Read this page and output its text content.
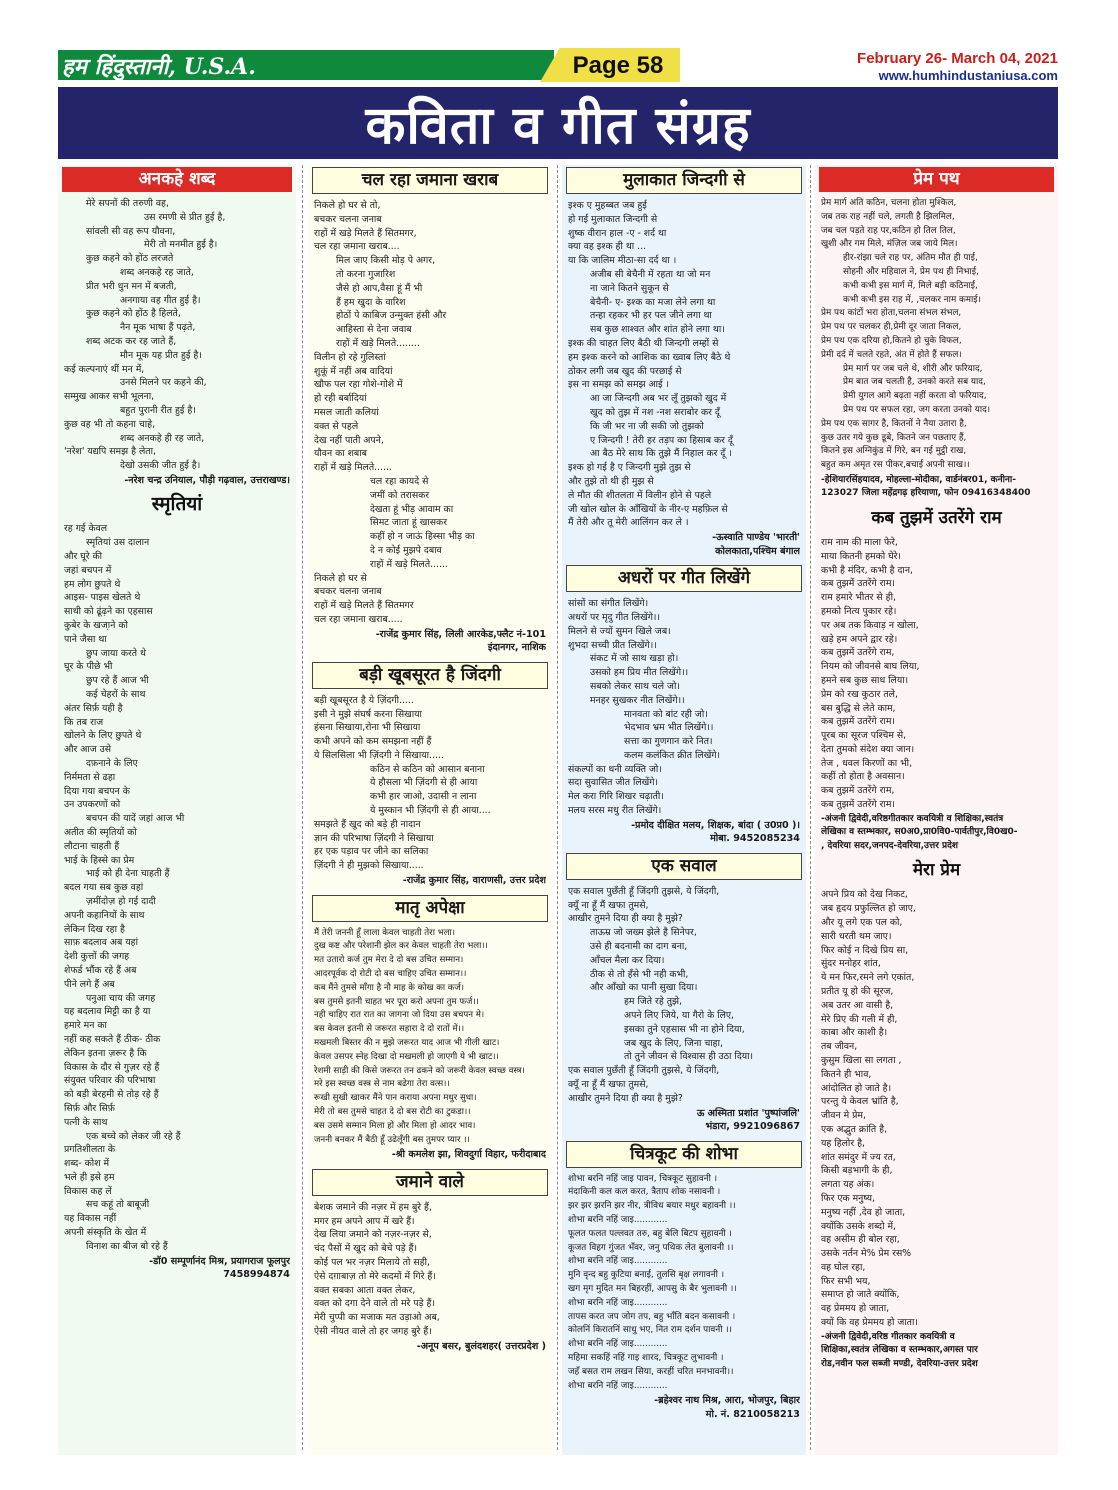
हम हिंदुस्तानी, U.S.A.	Page 58	February 26- March 04, 2021
www.humhindustaniusa.com
कविता व गीत संग्रह
अनकहे शब्द
मेरे सपनों की तरुणी वह,
उस रमणी से प्रीत हुई है,
सांवली सी वह रूप यौवना,
मेरी तो मनमीत हुई है।
कुछ कहने को होंठ लरजते
शब्द अनकहे रह जाते,
प्रीत भरी धुन मन में बजती,
अनगाया वह गीत हुई है।
कुछ कहने को होंठ है हिलते,
नैन मूक भाषा हैं पढ़ते,
शब्द अटक कर रह जाते हैं,
मौन मूक यह प्रीत हुई है।
कई कल्पनाएं थीं मन में,
उनसे मिलने पर कहने की,
सम्मुख आकर सभी भूलना,
बहुत पुरानी रीत हुई है।
कुछ वह भी तो कहना चाहे,
शब्द अनकहे ही रह जाते,
'नरेश' यद्यपि समझ है लेता,
देखो उसकी जीत हुई है।
-नरेश चन्द्र उनियाल, पौड़ी गढ़वाल, उत्तराखण्ड।
स्मृतियां
रह गई केवल
स्मृतियां उस दालान
और घूरे की
जहां बचपन में
हम लोग छुपते थे
आइस- पाइस खेलते थे
साथी को ढूंढ़ने का एहसास
कुबेर के खजा़ने को
पाने जैसा था
छुप जाया करते थे
घूर के पीछे भी
छुप रहे हैं आज भी
कई चेहरों के साथ
अंतर सिर्फ़ यही है
कि तब राज
खोलने के लिए छुपते थे
और आज उसे
दफ़नाने के लिए
निर्ममता से ढहा
दिया गया बचपन के
उन उपकरणों को
बचपन की यादें जहां आज भी
अतीत की स्मृतियों को
लौटाना चाहती हैं
भाई के हिस्से का प्रेम
भाई को ही देना चाहती हैं
बदल गया सब कुछ वहां
ज़मींदोज़ हो गई दादी
अपनी कहानियों के साथ
लेकिन दिख रहा है
साफ़ बदलाव अब यहां
देशी कुत्तों की जगह
शेफर्ड भौंक रहे हैं अब
पीने लगे हैं अब
पनुआ चाय की जगह
यह बदलाव मिट्टी का है या
हमारे मन का
नहीं कह सकते हैं ठीक- ठीक
लेकिन इतना ज़रूर है कि
विकास के दौर से गुज़र रहे हैं
संयुक्त परिवार की परिभाषा
को बड़ी बेरहमी से तोड़ रहे हैं
सिर्फ़ और सिर्फ़
पत्नी के साथ
एक बच्चे को लेकर जी रहे हैं
प्रगतिशीलता के
शब्द- कोश में
भले ही इसे हम
विकास कह लें
सच कहूं तो बाबूजी
यह विकास नहीं
अपनी संस्कृति के खेत में
विनाश का बीज बो रहे हैं
-डॉ0 सम्पूर्णानंद मिश्र, प्रयागराज फूलपुर
7458994874
चल रहा जमाना खराब
निकले हो घर से तो,
बचकर चलना जनाब
राहों में खड़े मिलते हैं सितमगर,
चल रहा जमाना खराब....
मिल जाए किसी मोड़ पे अगर,
तो करना गुजारिश
जैसे हो आप,वैसा हूं मैं भी
हैं हम खुदा के वारिश
होठों पे काबिज उन्मुक्त हंसी और
आहिस्ता से देना जवाब
राहों में खड़े मिलते........
विलीन हो रहे गुलिस्तां
शुकूं में नहीं अब वादियां
खौफ पल रहा गोशे-गोशे में
हो रही बर्बादियां
मसल जाती कलियां
वक्त से पहले
देख नहीं पाती अपने,
यौवन का शबाब
राहों में खड़े मिलते......
चल रहा कायदे से
जमीं को तरासकर
देखता हूं भीड़ आवाम का
सिमट जाता हूं खासकर
कहीं हो न जाऊं हिस्सा भीड़ का
दे न कोई मुझपे दबाव
राहों में खड़े मिलते......
निकले हो घर से
बचकर चलना जनाब
राहों में खड़े मिलते हैं सितमगर
चल रहा जमाना खराब.....
-राजेंद्र कुमार सिंह, लिली आरकेड,फ्लैट नं-101
इंदानगर, नाशिक
बड़ी खूबसूरत है जिंदगी
बड़ी खूबसूरत है ये ज़िंदगी.....
इसी ने मुझे संघर्ष करना सिखाया
हंसना सिखाया,रोना भी सिखाया
कभी अपने को कम समझना नहीं हैं
ये सिलसिला भी ज़िंदगी ने सिखाया.....
कठिन से कठिन को आसान बनाना
ये हौसला भी ज़िंदगी से ही आया
कभी हार जाओ, उदासी न लाना
ये मुस्कान भी ज़िंदगी से ही आया....
समझते हैं खुद को बड़े ही नादान
ज्ञान की परिभाषा ज़िंदगी ने सिखाया
हर एक पड़ाव पर जीने का सलिका
ज़िंदगी ने ही मुझको सिखाया.....
-राजेंद्र कुमार सिंह, वाराणसी, उत्तर प्रदेश
मातृ अपेक्षा
मैं तेरी जननी हूँ लाला केवल चाहती तेरा भला।
दुख कष्ट और परेशानी झेल कर केवल चाहती तेरा भला।।
मत उतारो कर्ज तुम मेरा दे दो बस उचित सम्मान।
आदरपूर्वक दो रोटी दो बस चाहिए उचित सम्मान।।
कब मैंने तुमसे माँगा है नौ माह के कोख का कर्ज।
बस तुमसे इतनी चाहत भर पूरा करो अपना तुम फर्ज।।
नही चाहिए रात रात का जागना जो दिया उस बचपन मे।
बस केवल इतनी से जरूरत सहारा दे दो रातों में।।
मखमली बिस्तर की न मुझे जरूरत याद आज भी गीली खाट।
केवल उसपर स्नेह दिखा दो मखमली हो जाएगी ये भी खाट।।
रेशमी साड़ी की किसे जरूरत तन ढकने को जरूरी केवल स्वच्छ वस्त्र।
मरे इस स्वच्छ वस्त्र से नाम बढेगा तेरा वत्स।।
रूखी सुखी खाकर मैंने पान कराया अपना मधुर सुधा।
मेरी तो बस तुमसे चाहत दे दो बस रोटी का टुकडा।।
बस उसमे सम्मान मिला हो और मिला हो आदर भाव।
जननी बनकर मैं बैठी हूँ उढेलूँगी बस तुमपर प्यार ।।
-श्री कमलेश झा, शिवदुर्गा विहार, फरीदाबाद
जमाने वाले
बेशक जमाने की नज़र में हम बुरे हैं,
मगर हम अपने आप में खरे हैं।
देख लिया जमाने को नज़र-नज़र से,
चंद पैसों में खुद को बेचे पड़े हैं।
कोई पल भर नज़र मिलाये तो सही,
ऐसे दग़ाबाज़ तो मेरे कदमों में गिरे हैं।
वक्त सबका आता वक्त लेकर,
वक्त को दगा देने वाले तो मरे पड़े हैं।
मेरी चुप्पी का मजाक मत उड़ाओ अब,
ऐसी नीयत वाले तो हर जगह बुरे हैं।
-अनूप बसर, बुलंदशहर( उत्तरप्रदेश )
मुलाकात जिन्दगी से
इश्क ए मुहब्बत जब हुई
हो गई मुलाकात जिन्दगी से
शुष्क वीरान हाल -ए - शर्द था
क्या वह इश्क ही था ...
या कि जालिम मीठा-सा दर्द था ।
अजीब सी बेचैनी में रहता था जो मन
ना जाने कितने सुकून से
बेचैनी- ए- इश्क का मजा लेने लगा था
तन्हा रहकर भी हर पल जीने लगा था
सब कुछ शाश्वत और शांत होने लगा था।
इश्क की चाहत लिए बैठी थी जिन्दगी लम्हों से
हम इश्क करने को आशिक का ख्वाब लिए बैठे थे
ठोकर लगी जब खुद की परछाई से
इस ना समझ को समझ आई ।
आ जा जिन्दगी अब भर लूँ तुझको खुद में
खुद को तुझ में नश -नश सराबोर कर दूँ
कि जी भर ना जी सकी जो तुझको
ए जिन्दगी ! तेरी हर तड़प का हिसाब कर दूँ
आ बैठ मेरे साथ कि तुझे मैं निहाल कर दूँ ।
इश्क हो गई है ए जिन्दगी मुझे तुझ से
और तुझे तो थी ही मुझ से
ले मौत की शीतलता में विलीन होने से पहले
जी खोल खोल के आँखियों के नीर-ए महफ़िल से
मैं तेरी और तू मेरी आलिंगन कर ले ।
-ऊस्वाति पाण्डेय 'भारती'
कोलकाता,पश्चिम बंगाल
अधरों पर गीत लिखेंगे
सांसों का संगीत लिखेंगे।
अधरों पर मृदु गीत लिखेंगे।।
मिलने से ज्यों सुमन खिले जब।
शुभदा सच्ची प्रीत लिखेंगे।।
संकट में जो साथ खड़ा हो।
उसको हम प्रिय मीत लिखेंगे।।
सबको लेकर साथ चले जो।
मनहर सुखकर नीत लिखेंगे।।
मानवता को बांट रही जो।
भेदभाव भ्रम भीत लिखेंगे।।
सत्ता का गुणगान करे नित।
कलम कलंकित क्रीत लिखेंगे।
संकल्पों का धनी व्यक्ति जो।
सदा सुवासित जीत लिखेंगे।
मेल करा गिरि शिखर चढ़ाती।
मलय सरस मधु रीत लिखेंगे।
-प्रमोद दीक्षित मलय, शिक्षक, बांदा ( उ0प्र0 )।
मोबा. 9452085234
एक सवाल
एक सवाल पुछँती हूँ जिंदगी तुझसे, ये जिंदगी,
क्यूँ ना हूँ मैं खफा तुमसे,
आखीर तुमने दिया ही क्या है मुझे?
ताऊम्र जो जख्म झेले है सिनेपर,
उसे ही बदनामी का दाग बना,
आँचल मैला कर दिया।
ठीक से तो हँसे भी नही कभी,
और आँखो का पानी सुखा दिया।
हम जिते रहे तुझे,
अपने लिए जिये, या गैरो के लिए,
इसका तुने एहसास भी ना होने दिया,
जब खुद के लिए, जिना चाहा,
तो तुने जीवन से विश्वास ही उठा दिया।
एक सवाल पुछँती हूँ जिंदगी तुझसे, ये जिंदगी,
क्यूँ ना हूँ मैं खफा तुमसे,
आखीर तुमने दिया ही क्या है मुझे?
ऊ अस्मिता प्रशांत 'पुष्पांजलि'
भंडारा, 9921096867
चित्रकूट की शोभा
शोभा बरनि नहिं जाइ पावन, चित्रकूट सुहावनी ।
मंदाकिनी कल कल करत, त्रैताप शोक नसावनी ।
झर झर झरनि झर नीर, त्रीविध बयार मधुर बहावनी ।।
शोभा बरनि नहिं जाइ............
फूलत फलत पल्लवत तरु, बहु बेलि बिटप सुहावनी ।
कूजत विहग गुंजत भँवर, जनु पथिक लेत बुलावनी ।।
शोभा बरनि नहिं जाइ............
मुनि वृन्द बहु कुटिया बनाई, तुलसि बृक्ष लगावनी ।
खग मृग मुदित मन बिहरहीं, आपसु के बैर भुलावनी ।।
शोभा बरनि नहिं जाइ............
तापस करत जप जोग तप, बहु भाँति बदन कसावनी ।
कोलनिं किरातनिं साधु भए, नित राम दर्शन पावनी ।।
शोभा बरनि नहिं जाइ............
महिमा सकहिं नहिं गाइ शारद, चित्रकूट लुभावनी ।
जहँ बसत राम लखन सिया, करहीं चरित मनभावनी।।
शोभा बरनि नहिं जाइ............
-ब्रहेश्वर नाथ मिश्र, आरा, भोजपुर, बिहार
मो. नं. 8210058213
प्रेम पथ
प्रेम मार्ग अति कठिन, चलना होता मुश्किल,
जब तक राह नहीं चले, लगती है झिलमिल,
जब चल पड़ते राह पर,कठिन हो तिल तिल,
खुशी और गम मिले, मंज़िल जब जाये मिल।
हीर-रांझा चले राह पर, अंतिम मौत ही पाई,
सोहनी और महिवाल ने, प्रेम पथ ही निभाई,
कभी कभी इस मार्ग में, मिले बड़ी कठिनाई,
कभी कभी इस राह में, ,चलकर नाम कमाई।
प्रेम पथ कांटों भरा होता,चलना संभल संभल,
प्रेम पथ पर चलकर ही,प्रेमी दूर जाता निकल,
प्रेम पथ एक दरिया हो,कितने हो चुके विफल,
प्रेमी दर्द में चलते रहते, अंत में होते हैं सफल।
प्रेम मार्ग पर जब चले थे, शीरी और फरियाद,
प्रेम बात जब चलती है, उनको करते सब याद,
प्रेमी युगल आगे बढ़ता नहीं करता वो फरियाद,
प्रेम पथ पर सफल रहा, जग करता उनको याद।
प्रेम पथ एक सागर है, कितनों ने नैया उतारा है,
कुछ उतर गये कुछ डूबे, कितने जन पछताए हैं,
कितने इस अग्निकुंड में गिरे, बन गई मुट्ठी राख,
बहुत कम अमृत रस पीकर,बचाई अपनी साख।।
-हेशियारसिंहयादव, मोहल्ला-मोदीका, वार्डनंबर01, कनीना-
123027 जिला महेंद्रगढ़ हरियाणा, फोन 09416348400
कब तुझमें उतरेंगे राम
राम नाम की माला फेरे,
माया कितनी हमको घेरे।
कभी है मंदिर, कभी है दान,
कब तुझमें उतरेंगे राम।
राम हमारे भीतर से ही,
हमको नित्य पुकार रहे।
पर अब तक किवाड़ न खोला,
खड़े हम अपने द्वार रहे।
कब तुझमें उतरेंगे राम,
नियम को जीवनसे बाघ लिया,
हमने सब कुछ साध लिया।
प्रेम को रख कुठार तले,
बस बुद्धि से लेते काम,
कब तुझमें उतरेंगे राम।
पूरब का सूरज पश्चिम से,
देता तुमको संदेश क्या जान।
तेज , धवल किरणों का भी,
कहीं तो होता है अवसान।
कब तुझमें उतरेंगे राम,
कब तुझमें उतरेंगे राम।
-अंजनी द्विवेदी,वरिष्ठगीतकार कवयित्री व शिक्षिका,स्वतंत्र
लेखिका व स्तम्भकार, स0अ0,प्रा0वि0-पार्वतीपुर,वि0ख0-
, देवरिया सदर,जनपद-देवरिया,उत्तर प्रदेश
मेरा प्रेम
अपने प्रिय को देख निकट,
जब हृदय प्रफुल्लित हो जाए,
और यू लगे एक पल को,
सारी धरती थम जाए।
फिर कोई न दिखे प्रिय सा,
सुंदर मनोहर शांत,
ये मन फिर,रमने लगे एकांत,
प्रतीत यू हो की सूरज,
अब उतर आ वासी है,
मेरे प्रिए की गली में ही,
काबा और काशी है।
तब जीवन,
कुसुम खिला सा लगता ,
कितने ही भाव,
आंदोलित हो जाते है।
परन्तु ये केवल भ्रांति है,
जीवन मे प्रेम,
एक अद्भुत क्रांति है,
यह हिलोर है,
शांत समंदुर में ज्य रत,
किसी बड़भागी के ही,
लगता यह अंक।
फिर एक मनुष्य,
मनुष्य नहीं ,देव हो जाता,
क्योंकि उसके शब्दो में,
वह असीम ही बोल रहा,
उसके नर्तन मे% प्रेम रस%
वह घोल रहा,
फिर सभी भय,
समाप्त हो जाते क्योंकि,
वह प्रेममय हो जाता,
क्यों कि वह प्रेममय हो जाता।
-अंजनी द्विवेदी,वरिष्ठ गीतकार कवयित्री व
शिक्षिका,स्वतंत्र लेखिका व स्तम्भकार,अगस्त पार
रोड,नवीन फल सब्जी मण्डी, देवरिया-उत्तर प्रदेश
